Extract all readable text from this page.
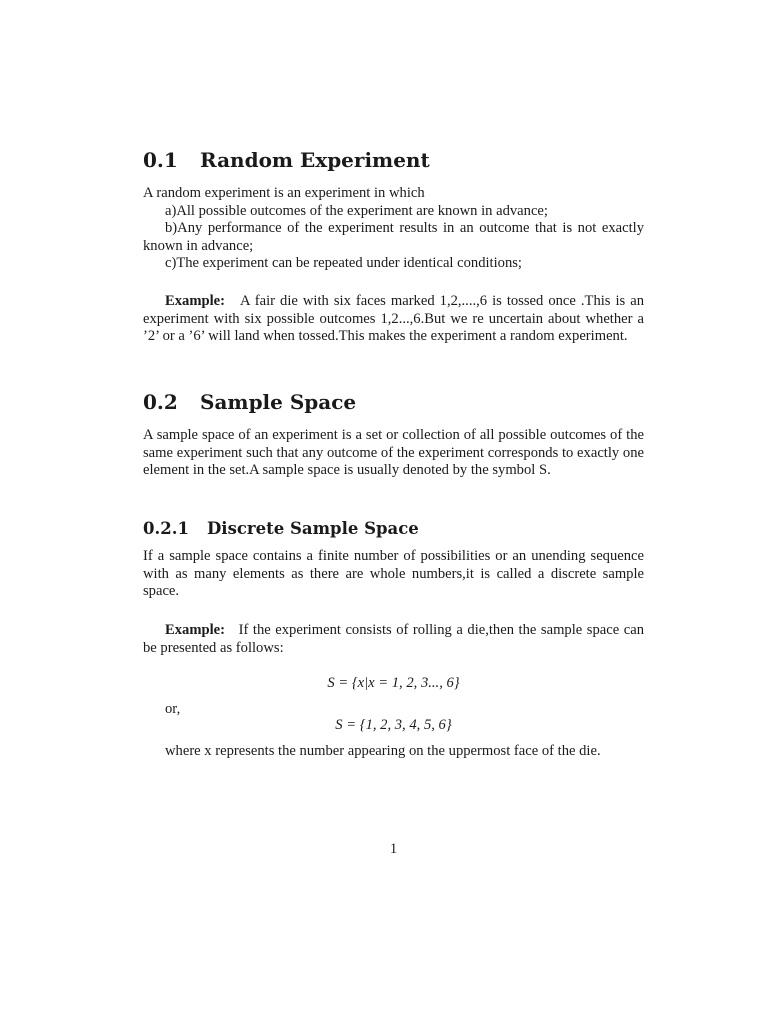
0.1 Random Experiment

A random experiment is an experiment in which

a)All possible outcomes of the experiment are known in advance;

b)Any performance of the experiment results in an outcome that is not exactly known in advance;

c)The experiment can be repeated under identical conditions;

Example: A fair die with six faces marked 1,2,....,6 is tossed once .This is an experiment with six possible outcomes 1,2...,6.But we re uncertain about whether a ’2’ or a ’6’ will land when tossed.This makes the experiment a random experiment.

0.2 Sample Space

A sample space of an experiment is a set or collection of all possible outcomes of the same experiment such that any outcome of the experiment corresponds to exactly one element in the set.A sample space is usually denoted by the symbol S.

0.2.1 Discrete Sample Space

If a sample space contains a finite number of possibilities or an unending sequence with as many elements as there are whole numbers,it is called a discrete sample space.

Example: If the experiment consists of rolling a die,then the sample space can be presented as follows:

S = {x|x = 1, 2, 3..., 6}

or,

S = {1, 2, 3, 4, 5, 6}

where x represents the number appearing on the uppermost face of the die.

1
